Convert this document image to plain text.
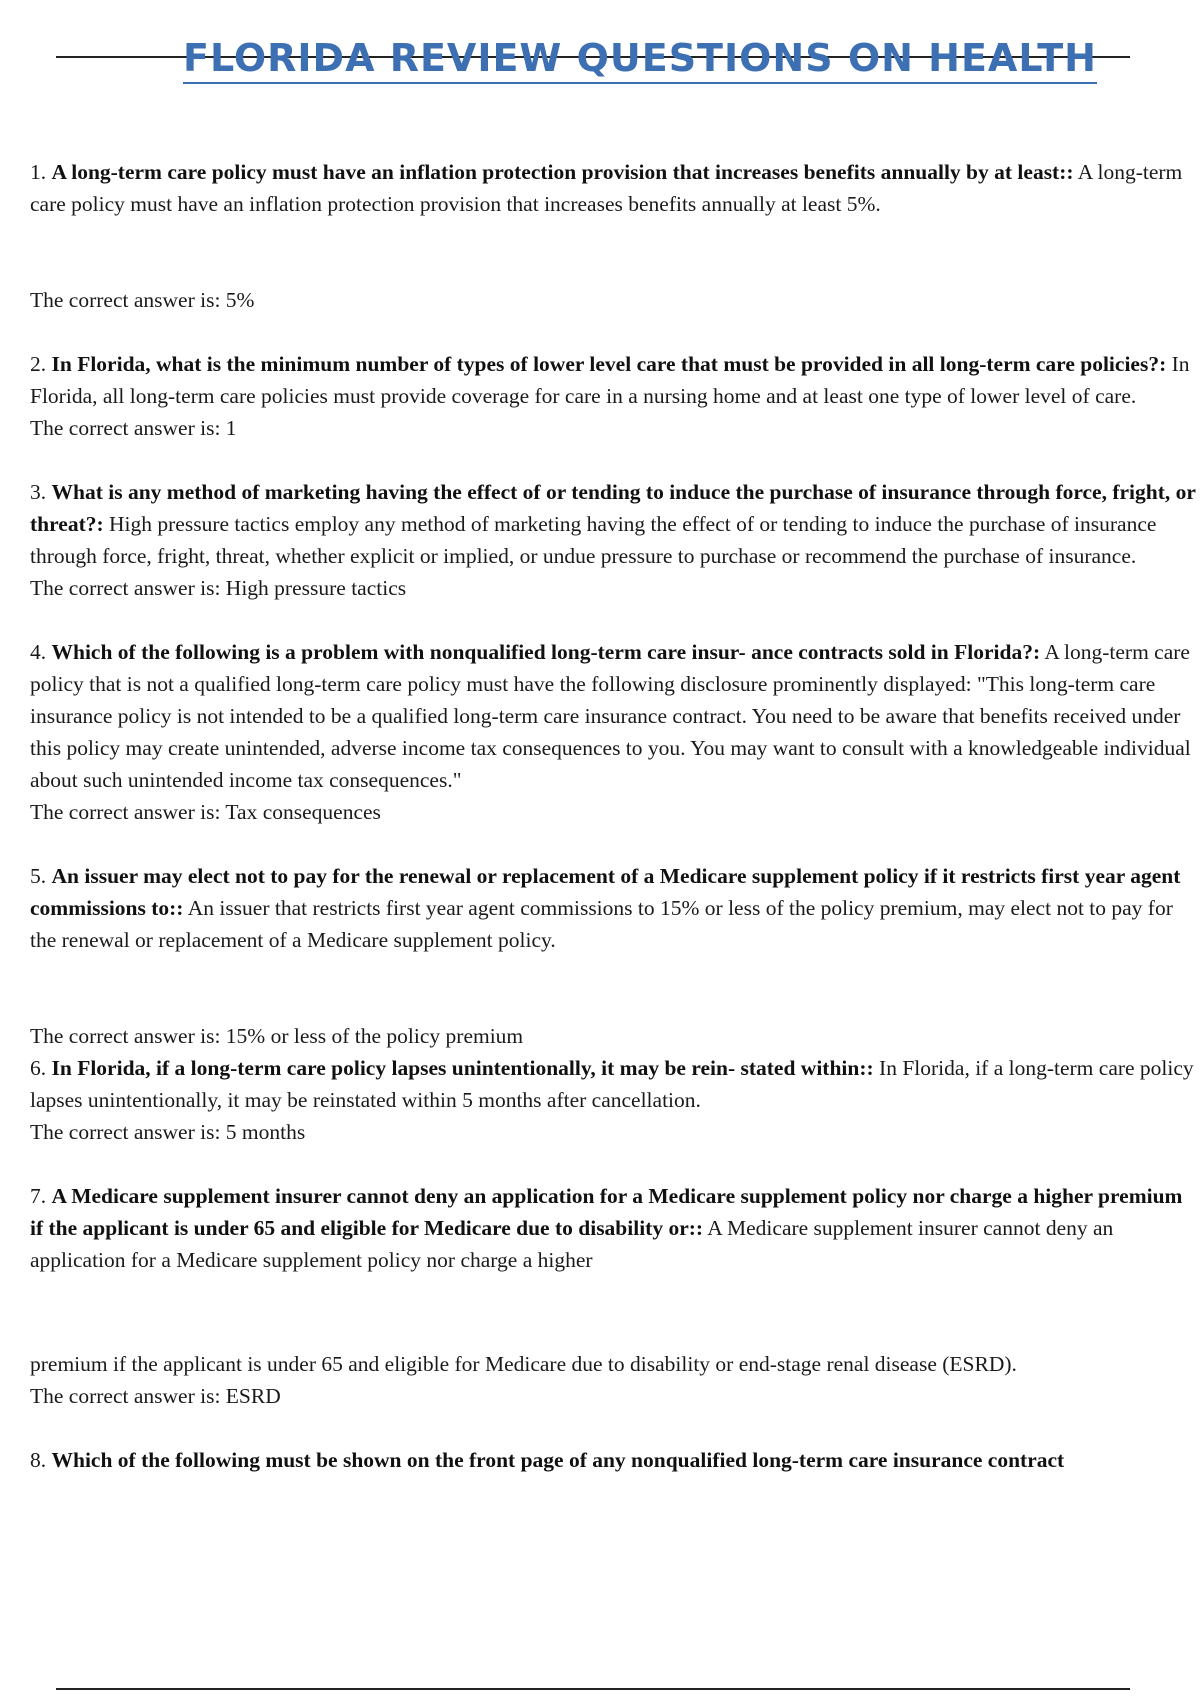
FLORIDA REVIEW QUESTIONS ON HEALTH

1. A long-term care policy must have an inflation protection provision that increases benefits annually by at least:: A long-term care policy must have an inflation protection provision that increases benefits annually at least 5%.

The correct answer is: 5%

2. In Florida, what is the minimum number of types of lower level care that must be provided in all long-term care policies?: In Florida, all long-term care policies must provide coverage for care in a nursing home and at least one type of lower level of care.

The correct answer is: 1

3. What is any method of marketing having the effect of or tending to induce the purchase of insurance through force, fright, or threat?: High pressure tactics employ any method of marketing having the effect of or tending to induce the purchase of insurance through force, fright, threat, whether explicit or implied, or undue pressure to purchase or recommend the purchase of insurance.

The correct answer is: High pressure tactics

4. Which of the following is a problem with nonqualified long-term care insur- ance contracts sold in Florida?: A long-term care policy that is not a qualified long-term care policy must have the following disclosure prominently displayed: "This long-term care insurance policy is not intended to be a qualified long-term care insurance contract. You need to be aware that benefits received under this policy may create unintended, adverse income tax consequences to you. You may want to consult with a knowledgeable individual about such unintended income tax consequences."

The correct answer is: Tax consequences

5. An issuer may elect not to pay for the renewal or replacement of a Medicare supplement policy if it restricts first year agent commissions to:: An issuer that restricts first year agent commissions to 15% or less of the policy premium, may elect not to pay for the renewal or replacement of a Medicare supplement policy.

The correct answer is: 15% or less of the policy premium

6. In Florida, if a long-term care policy lapses unintentionally, it may be rein- stated within:: In Florida, if a long-term care policy lapses unintentionally, it may be reinstated within 5 months after cancellation.

The correct answer is: 5 months

7. A Medicare supplement insurer cannot deny an application for a Medicare supplement policy nor charge a higher premium if the applicant is under 65 and eligible for Medicare due to disability or:: A Medicare supplement insurer cannot deny an application for a Medicare supplement policy nor charge a higher

premium if the applicant is under 65 and eligible for Medicare due to disability or end-stage renal disease (ESRD).

The correct answer is: ESRD

8. Which of the following must be shown on the front page of any nonqualified long-term care insurance contract
